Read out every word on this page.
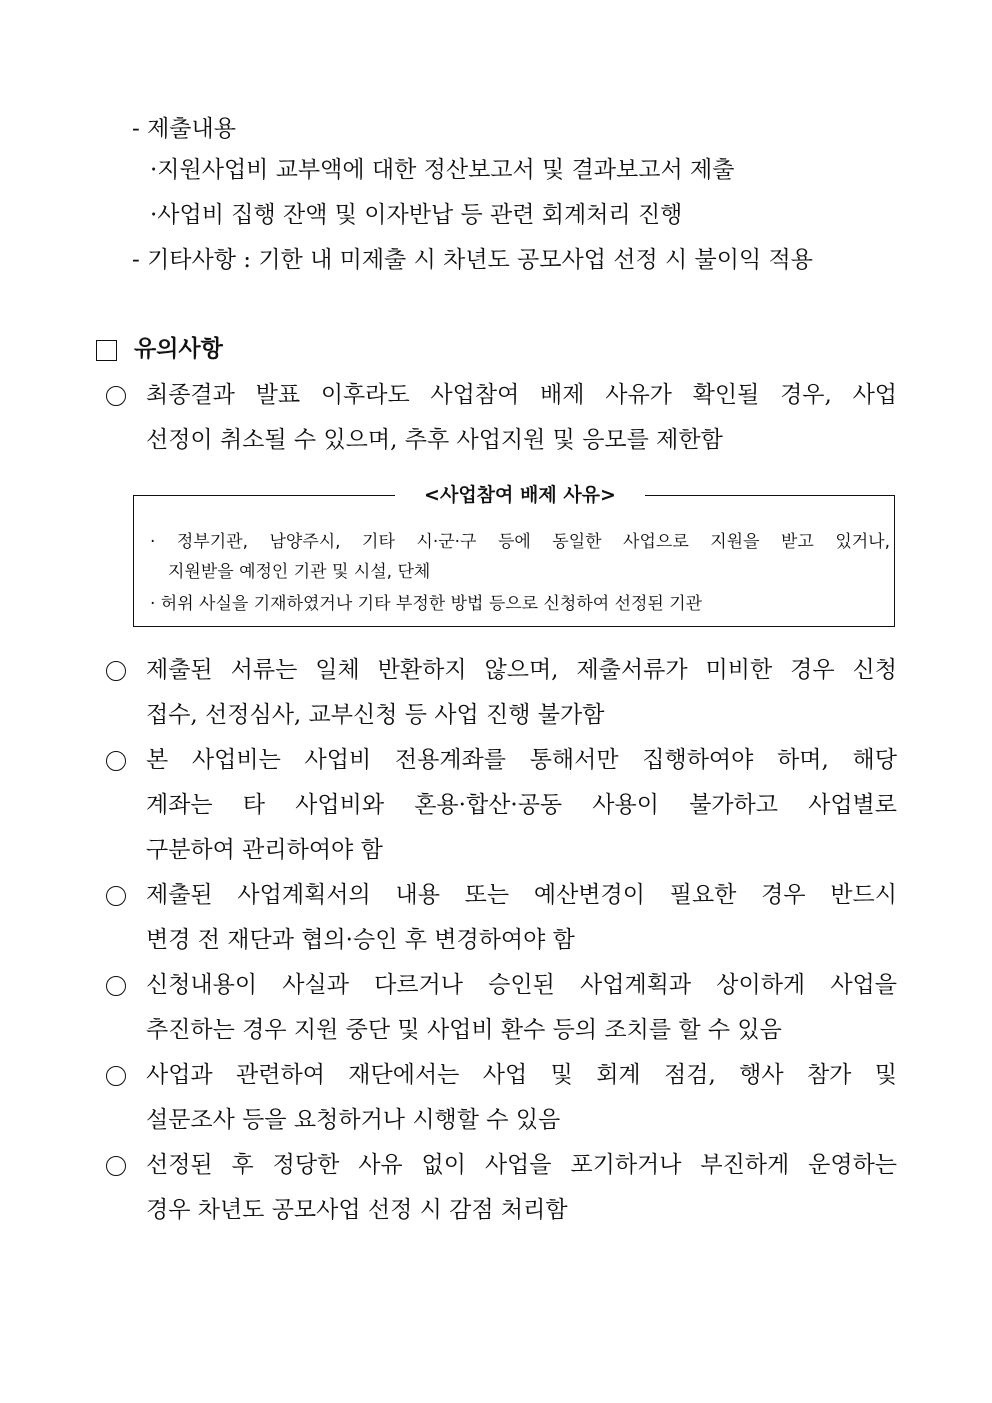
- 제출내용
·지원사업비 교부액에 대한 정산보고서 및 결과보고서 제출
·사업비 집행 잔액 및 이자반납 등 관련 회계처리 진행
- 기타사항 : 기한 내 미제출 시 차년도 공모사업 선정 시 불이익 적용
유의사항
최종결과 발표 이후라도 사업참여 배제 사유가 확인될 경우, 사업
선정이 취소될 수 있으며, 추후 사업지원 및 응모를 제한함
<사업참여 배제 사유>
· 정부기관, 남양주시, 기타 시·군·구 등에 동일한 사업으로 지원을 받고 있거나,
지원받을 예정인 기관 및 시설, 단체
· 허위 사실을 기재하였거나 기타 부정한 방법 등으로 신청하여 선정된 기관
제출된 서류는 일체 반환하지 않으며, 제출서류가 미비한 경우 신청
접수, 선정심사, 교부신청 등 사업 진행 불가함
본 사업비는 사업비 전용계좌를 통해서만 집행하여야 하며, 해당
계좌는 타 사업비와 혼용·합산·공동 사용이 불가하고 사업별로
구분하여 관리하여야 함
제출된 사업계획서의 내용 또는 예산변경이 필요한 경우 반드시
변경 전 재단과 협의·승인 후 변경하여야 함
신청내용이 사실과 다르거나 승인된 사업계획과 상이하게 사업을
추진하는 경우 지원 중단 및 사업비 환수 등의 조치를 할 수 있음
사업과 관련하여 재단에서는 사업 및 회계 점검, 행사 참가 및
설문조사 등을 요청하거나 시행할 수 있음
선정된 후 정당한 사유 없이 사업을 포기하거나 부진하게 운영하는
경우 차년도 공모사업 선정 시 감점 처리함
